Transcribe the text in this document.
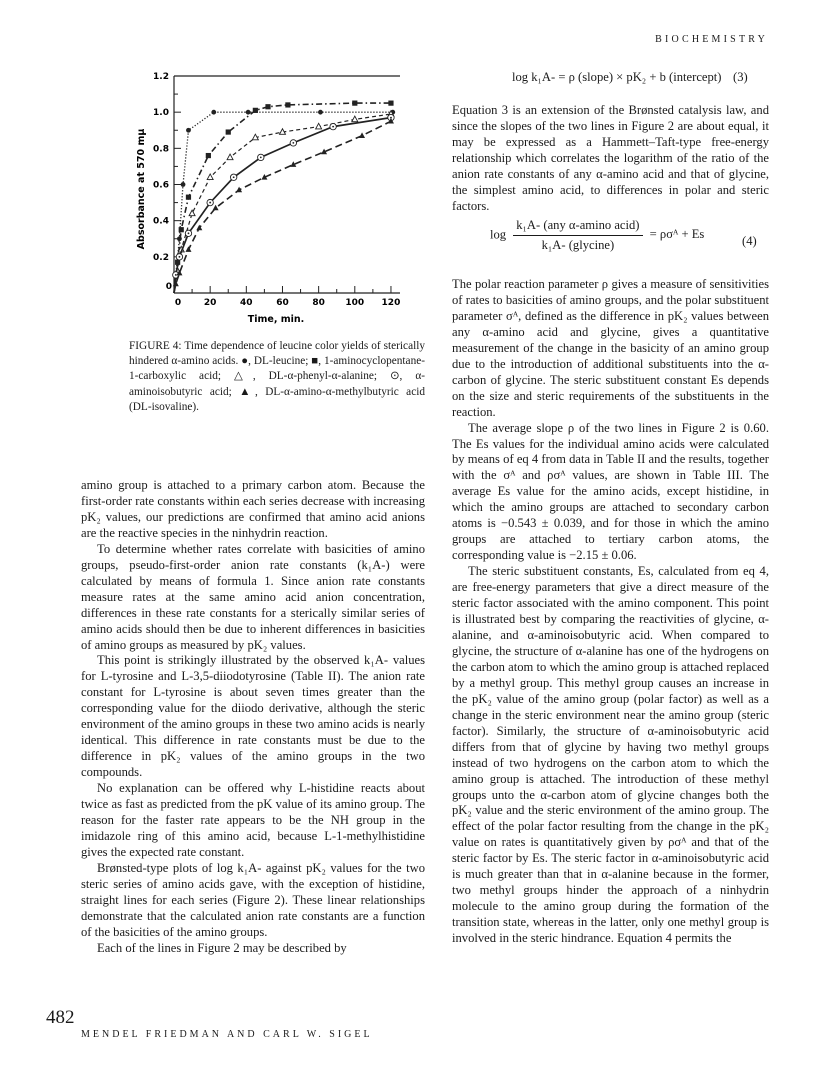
BIOCHEMISTRY
0	20	40	60	80 100 120
0
0.2
0.4
0.6
0.8
1.0
1.2
Time, min.
Absorbance at 570 mμ
FIGURE 4: Time dependence of leucine color yields of sterically hindered α-amino acids. ●, DL-leucine; ■, 1-aminocyclopentane-1-carboxylic acid; △, DL-α-phenyl-α-alanine; ⊙, α-aminoisobutyric acid; ▲, DL-α-amino-α-methylbutyric acid (DL-isovaline).

amino group is attached to a primary carbon atom. Because the first-order rate constants within each series decrease with increasing pK₂ values, our predictions are confirmed that amino acid anions are the reactive species in the ninhydrin reaction.

To determine whether rates correlate with basicities of amino groups, pseudo-first-order anion rate constants (k₁A-) were calculated by means of formula 1. Since anion rate constants measure rates at the same amino acid anion concentration, differences in these rate constants for a sterically similar series of amino acids should then be due to inherent differences in basicities of amino groups as measured by pK₂ values.

This point is strikingly illustrated by the observed k₁A- values for L-tyrosine and L-3,5-diiodotyrosine (Table II). The anion rate constant for L-tyrosine is about seven times greater than the corresponding value for the diiodo derivative, although the steric environment of the amino groups in these two amino acids is nearly identical. This difference in rate constants must be due to the difference in pK₂ values of the amino groups in the two compounds.

No explanation can be offered why L-histidine reacts about twice as fast as predicted from the pK value of its amino group. The reason for the faster rate appears to be the NH group in the imidazole ring of this amino acid, because L-1-methylhistidine gives the expected rate constant.

Brønsted-type plots of log k₁A- against pK₂ values for the two steric series of amino acids gave, with the exception of histidine, straight lines for each series (Figure 2). These linear relationships demonstrate that the calculated anion rate constants are a function of the basicities of the amino groups.

Each of the lines in Figure 2 may be described by

log k₁A- = ρ (slope) × pK₂ + b (intercept) (3)

Equation 3 is an extension of the Brønsted catalysis law, and since the slopes of the two lines in Figure 2 are about equal, it may be expressed as a Hammett–Taft-type free-energy relationship which correlates the logarithm of the ratio of the anion rate constants of any α-amino acid and that of glycine, the simplest amino acid, to differences in polar and steric factors.

$\log \frac{\text{k₁A- (any α-amino acid)}}{\text{k₁A- (glycine)}}$ = ρσᴬ + Es	(4)

The polar reaction parameter ρ gives a measure of sensitivities of rates to basicities of amino groups, and the polar substituent parameter σᴬ, defined as the difference in pK₂ values between any α-amino acid and glycine, gives a quantitative measurement of the change in the basicity of an amino group due to the introduction of additional substituents into the α-carbon of glycine. The steric substituent constant Es depends on the size and steric requirements of the substituents in the reaction.

The average slope ρ of the two lines in Figure 2 is 0.60. The Es values for the individual amino acids were calculated by means of eq 4 from data in Table II and the results, together with the σᴬ and ρσᴬ values, are shown in Table III. The average Es value for the amino acids, except histidine, in which the amino groups are attached to secondary carbon atoms is −0.543 ± 0.039, and for those in which the amino groups are attached to tertiary carbon atoms, the corresponding value is −2.15 ± 0.06.

The steric substituent constants, Es, calculated from eq 4, are free-energy parameters that give a direct measure of the steric factor associated with the amino component. This point is illustrated best by comparing the reactivities of glycine, α-alanine, and α-aminoisobutyric acid. When compared to glycine, the structure of α-alanine has one of the hydrogens on the carbon atom to which the amino group is attached replaced by a methyl group. This methyl group causes an increase in the pK₂ value of the amino group (polar factor) as well as a change in the steric environment near the amino group (steric factor). Similarly, the structure of α-aminoisobutyric acid differs from that of glycine by having two methyl groups instead of two hydrogens on the carbon atom to which the amino group is attached. The introduction of these methyl groups unto the α-carbon atom of glycine changes both the pK₂ value and the steric environment of the amino group. The effect of the polar factor resulting from the change in the pK₂ value on rates is quantitatively given by ρσᴬ and that of the steric factor by Es. The steric factor in α-aminoisobutyric acid is much greater than that in α-alanine because in the former, two methyl groups hinder the approach of a ninhydrin molecule to the amino group during the formation of the transition state, whereas in the latter, only one methyl group is involved in the steric hindrance. Equation 4 permits the

482
MENDEL FRIEDMAN AND CARL W. SIGEL
